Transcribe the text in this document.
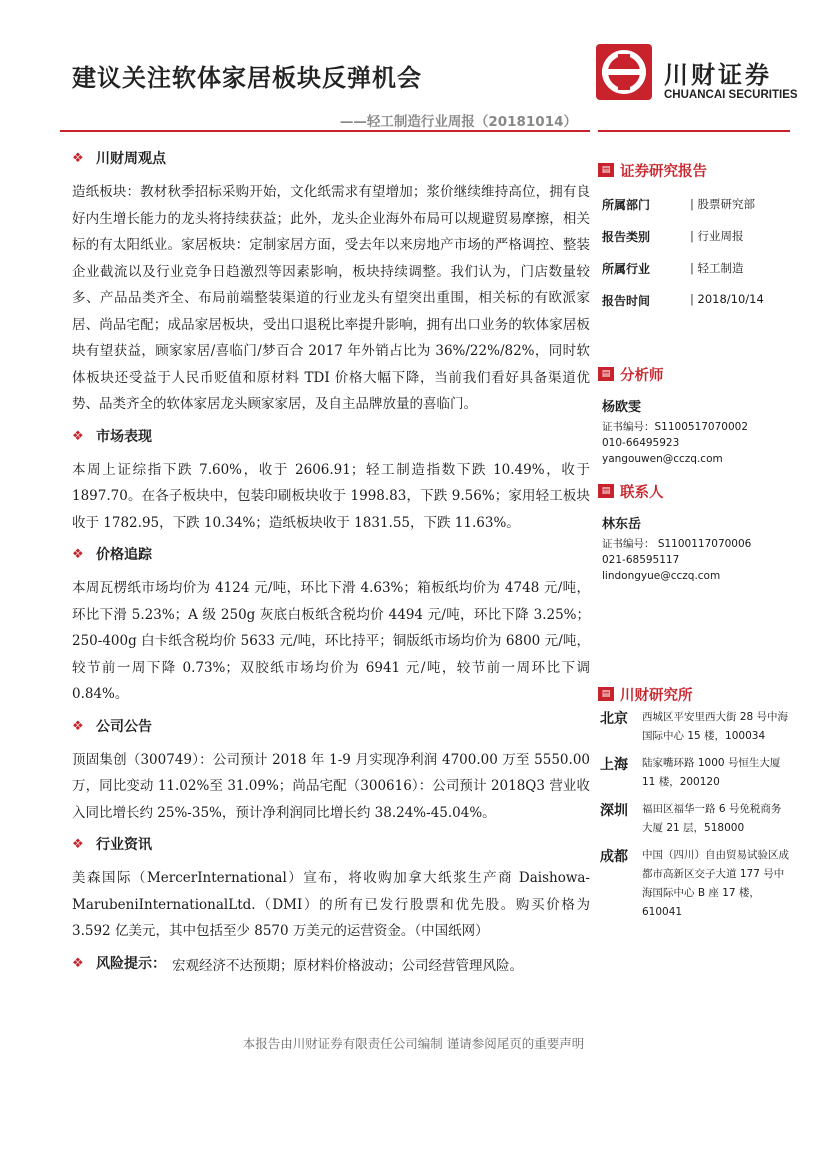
建议关注软体家居板块反弹机会
——轻工制造行业周报（20181014）
川财证券
CHUANCAI SECURITIES
❖ 川财周观点

造纸板块：教材秋季招标采购开始，文化纸需求有望增加；浆价继续维持高位，拥有良好内生增长能力的龙头将持续获益；此外，龙头企业海外布局可以规避贸易摩擦，相关标的有太阳纸业。家居板块：定制家居方面，受去年以来房地产市场的严格调控、整装企业截流以及行业竞争日趋激烈等因素影响，板块持续调整。我们认为，门店数量较多、产品品类齐全、布局前端整装渠道的行业龙头有望突出重围，相关标的有欧派家居、尚品宅配；成品家居板块，受出口退税比率提升影响，拥有出口业务的软体家居板块有望获益，顾家家居/喜临门/梦百合 2017 年外销占比为 36%/22%/82%，同时软体板块还受益于人民币贬值和原材料 TDI 价格大幅下降，当前我们看好具备渠道优势、品类齐全的软体家居龙头顾家家居，及自主品牌放量的喜临门。

❖ 市场表现

本周上证综指下跌 7.60%，收于 2606.91；轻工制造指数下跌 10.49%，收于 1897.70。在各子板块中，包装印刷板块收于 1998.83，下跌 9.56%；家用轻工板块收于 1782.95，下跌 10.34%；造纸板块收于 1831.55，下跌 11.63%。

❖ 价格追踪

本周瓦楞纸市场均价为 4124 元/吨，环比下滑 4.63%；箱板纸均价为 4748 元/吨，环比下滑 5.23%；A 级 250g 灰底白板纸含税均价 4494 元/吨，环比下降 3.25%；250-400g 白卡纸含税均价 5633 元/吨，环比持平；铜版纸市场均价为 6800 元/吨，较节前一周下降 0.73%；双胶纸市场均价为 6941 元/吨，较节前一周环比下调 0.84%。

❖ 公司公告

顶固集创（300749）：公司预计 2018 年 1-9 月实现净利润 4700.00 万至 5550.00 万，同比变动 11.02%至 31.09%；尚品宅配（300616）：公司预计 2018Q3 营业收入同比增长约 25%-35%，预计净利润同比增长约 38.24%-45.04%。

❖ 行业资讯

美森国际（MercerInternational）宣布，将收购加拿大纸浆生产商 Daishowa-MarubeniInternationalLtd.（DMI）的所有已发行股票和优先股。购买价格为 3.592 亿美元，其中包括至少 8570 万美元的运营资金。（中国纸网）

❖ 风险提示： 宏观经济不达预期；原材料价格波动；公司经营管理风险。
▤ 证券研究报告
所属部门	| 股票研究部
报告类别	| 行业周报
所属行业	| 轻工制造
报告时间	| 2018/10/14
▤ 分析师
杨欧雯
证书编号：S1100517070002
010-66495923
yangouwen@cczq.com
▤ 联系人
林东岳
证书编号： S1100117070006
021-68595117
lindongyue@cczq.com
▤ 川财研究所
北京 西城区平安里西大街 28 号中海国际中心 15 楼，100034
上海 陆家嘴环路 1000 号恒生大厦 11 楼，200120
深圳 福田区福华一路 6 号免税商务大厦 21 层，518000
成都 中国（四川）自由贸易试验区成都市高新区交子大道 177 号中海国际中心 B 座 17 楼，610041
本报告由川财证券有限责任公司编制 谨请参阅尾页的重要声明
